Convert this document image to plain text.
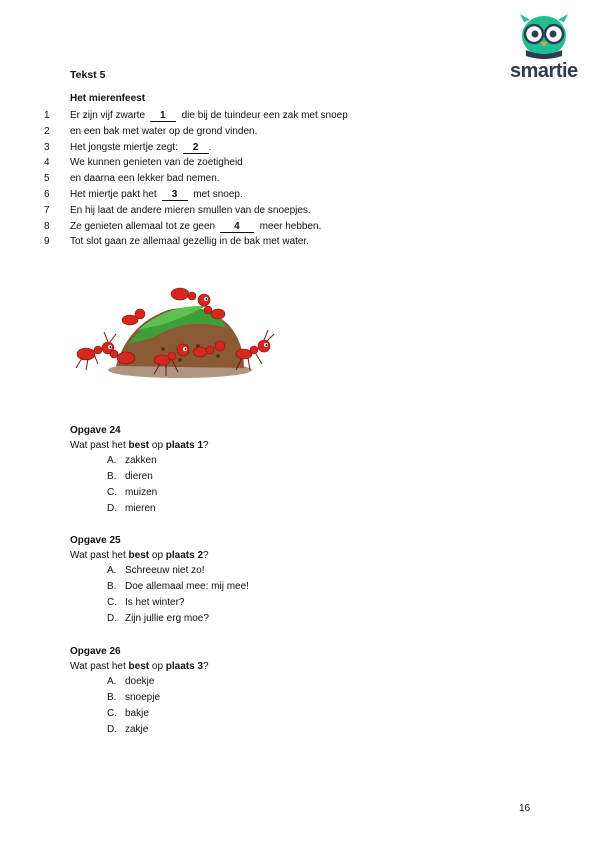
smartie
Tekst 5
Het mierenfeest
1	Er zijn vijf zwarte 1 die bij de tuindeur een zak met snoep
2	en een bak met water op de grond vinden.
3	Het jongste miertje zegt: 2 .
4	We kunnen genieten van de zoetigheid
5	en daarna een lekker bad nemen.
6	Het miertje pakt het 3 met snoep.
7	En hij laat de andere mieren smullen van de snoepjes.
8	Ze genieten allemaal tot ze geen 4 meer hebben.
9	Tot slot gaan ze allemaal gezellig in de bak met water.
Opgave 24
Wat past het best op plaats 1?
A. zakken
B. dieren
C. muizen
D. mieren
Opgave 25
Wat past het best op plaats 2?
A. Schreeuw niet zo!
B. Doe allemaal mee: mij mee!
C. Is het winter?
D. Zijn jullie erg moe?
Opgave 26
Wat past het best op plaats 3?
A. doekje
B. snoepje
C. bakje
D. zakje
16
